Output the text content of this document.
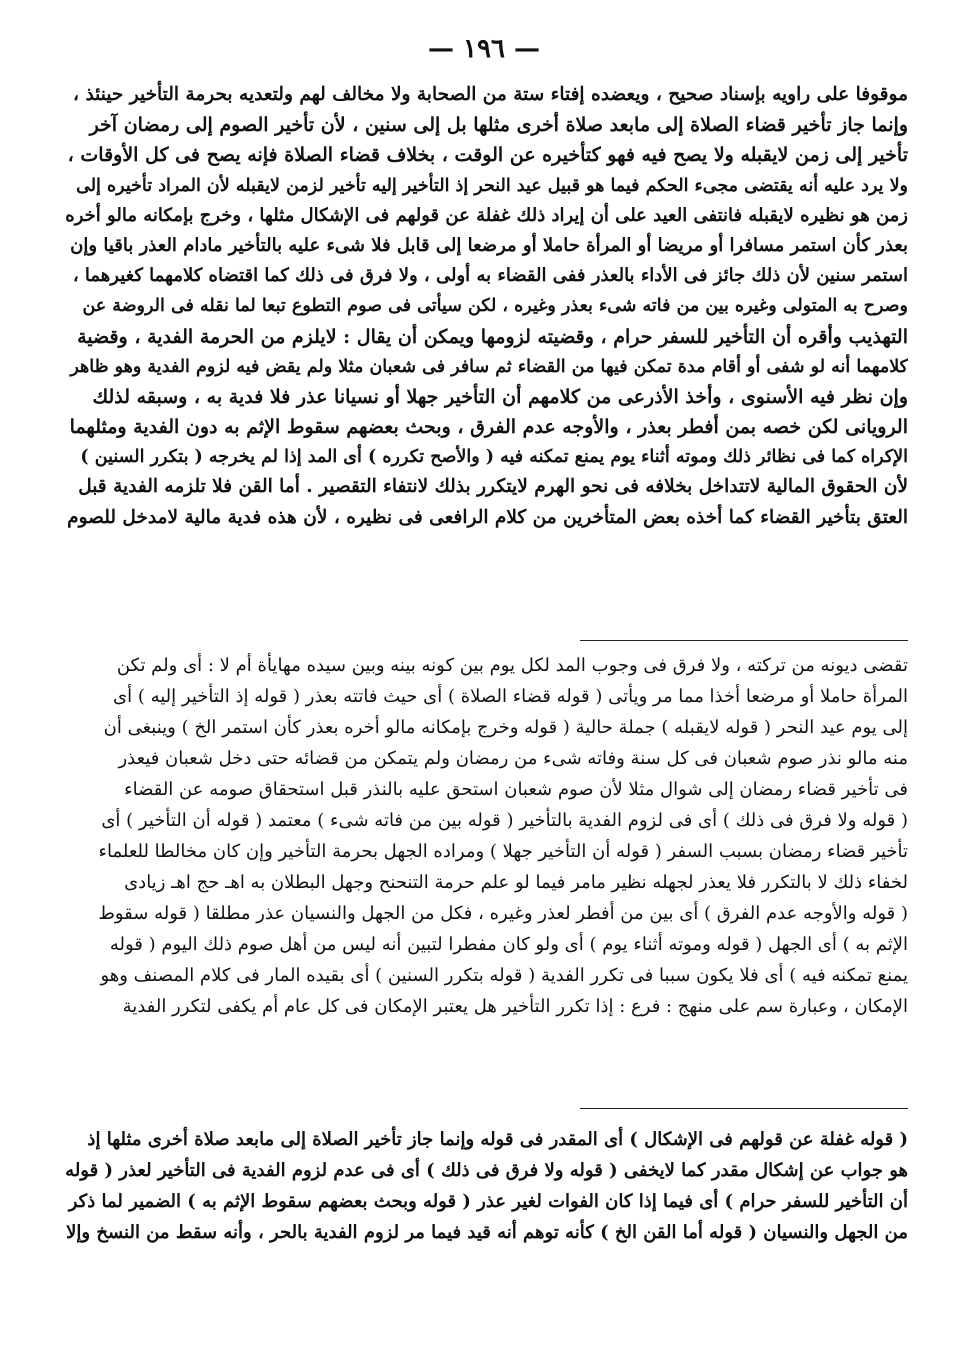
— ١٩٦ —
موقوفا على راويه بإسناد صحيح ، ويعضده إفتاء ستة من الصحابة ولا مخالف لهم ولتعديه بحرمة التأخير حينئذ ،
وإنما جاز تأخير قضاء الصلاة إلى مابعد صلاة أخرى مثلها بل إلى سنين ، لأن تأخير الصوم إلى رمضان آخر
تأخير إلى زمن لايقبله ولا يصح فيه فهو كتأخيره عن الوقت ، بخلاف قضاء الصلاة فإنه يصح فى كل الأوقات ،
ولا يرد عليه أنه يقتضى مجىء الحكم فيما هو قبيل عيد النحر إذ التأخير إليه تأخير لزمن لايقبله لأن المراد تأخيره إلى
زمن هو نظيره لايقبله فانتفى العيد على أن إيراد ذلك غفلة عن قولهم فى الإشكال مثلها ، وخرج بإمكانه مالو أخره
بعذر كأن استمر مسافرا أو مريضا أو المرأة حاملا أو مرضعا إلى قابل فلا شىء عليه بالتأخير مادام العذر باقيا وإن
استمر سنين لأن ذلك جائز فى الأداء بالعذر ففى القضاء به أولى ، ولا فرق فى ذلك كما اقتضاه كلامهما كغيرهما ،
وصرح به المتولى وغيره بين من فاته شىء بعذر وغيره ، لكن سيأتى فى صوم التطوع تبعا لما نقله فى الروضة عن
التهذيب وأقره أن التأخير للسفر حرام ، وقضيته لزومها ويمكن أن يقال : لايلزم من الحرمة الفدية ، وقضية
كلامهما أنه لو شفى أو أقام مدة تمكن فيها من القضاء ثم سافر فى شعبان مثلا ولم يقض فيه لزوم الفدية وهو ظاهر
وإن نظر فيه الأسنوى ، وأخذ الأذرعى من كلامهم أن التأخير جهلا أو نسيانا عذر فلا فدية به ، وسبقه لذلك
الرويانى لكن خصه بمن أفطر بعذر ، والأوجه عدم الفرق ، وبحث بعضهم سقوط الإثم به دون الفدية ومثلهما
الإكراه كما فى نظائر ذلك وموته أثناء يوم يمنع تمكنه فيه ( والأصح تكرره ) أى المد إذا لم يخرجه ( بتكرر السنين )
لأن الحقوق المالية لاتتداخل بخلافه فى نحو الهرم لايتكرر بذلك لانتفاء التقصير . أما القن فلا تلزمه الفدية قبل
العتق بتأخير القضاء كما أخذه بعض المتأخرين من كلام الرافعى فى نظيره ، لأن هذه فدية مالية لامدخل للصوم
تقضى ديونه من تركته ، ولا فرق فى وجوب المد لكل يوم بين كونه بينه وبين سيده مهايأة أم لا : أى ولم تكن
المرأة حاملا أو مرضعا أخذا مما مر ويأتى ( قوله قضاء الصلاة ) أى حيث فاتته بعذر ( قوله إذ التأخير إليه ) أى
إلى يوم عيد النحر ( قوله لايقبله ) جملة حالية ( قوله وخرج بإمكانه مالو أخره بعذر كأن استمر الخ ) وينبغى أن
منه مالو نذر صوم شعبان فى كل سنة وفاته شىء من رمضان ولم يتمكن من قضائه حتى دخل شعبان فيعذر
فى تأخير قضاء رمضان إلى شوال مثلا لأن صوم شعبان استحق عليه بالنذر قبل استحقاق صومه عن القضاء
( قوله ولا فرق فى ذلك ) أى فى لزوم الفدية بالتأخير ( قوله بين من فاته شىء ) معتمد ( قوله أن التأخير ) أى
تأخير قضاء رمضان بسبب السفر ( قوله أن التأخير جهلا ) ومراده الجهل بحرمة التأخير وإن كان مخالطا للعلماء
لخفاء ذلك لا بالتكرر فلا يعذر لجهله نظير مامر فيما لو علم حرمة التنحنح وجهل البطلان به اهـ حج اهـ زيادى
( قوله والأوجه عدم الفرق ) أى بين من أفطر لعذر وغيره ، فكل من الجهل والنسيان عذر مطلقا ( قوله سقوط
الإثم به ) أى الجهل ( قوله وموته أثناء يوم ) أى ولو كان مفطرا لتبين أنه ليس من أهل صوم ذلك اليوم ( قوله
يمنع تمكنه فيه ) أى فلا يكون سببا فى تكرر الفدية ( قوله بتكرر السنين ) أى بقيده المار فى كلام المصنف وهو
الإمكان ، وعبارة سم على منهج : فرع : إذا تكرر التأخير هل يعتبر الإمكان فى كل عام أم يكفى لتكرر الفدية
( قوله غفلة عن قولهم فى الإشكال ) أى المقدر فى قوله وإنما جاز تأخير الصلاة إلى مابعد صلاة أخرى مثلها إذ
هو جواب عن إشكال مقدر كما لايخفى ( قوله ولا فرق فى ذلك ) أى فى عدم لزوم الفدية فى التأخير لعذر ( قوله
أن التأخير للسفر حرام ) أى فيما إذا كان الفوات لغير عذر ( قوله وبحث بعضهم سقوط الإثم به ) الضمير لما ذكر
من الجهل والنسيان ( قوله أما القن الخ ) كأنه توهم أنه قيد فيما مر لزوم الفدية بالحر ، وأنه سقط من النسخ وإلا
